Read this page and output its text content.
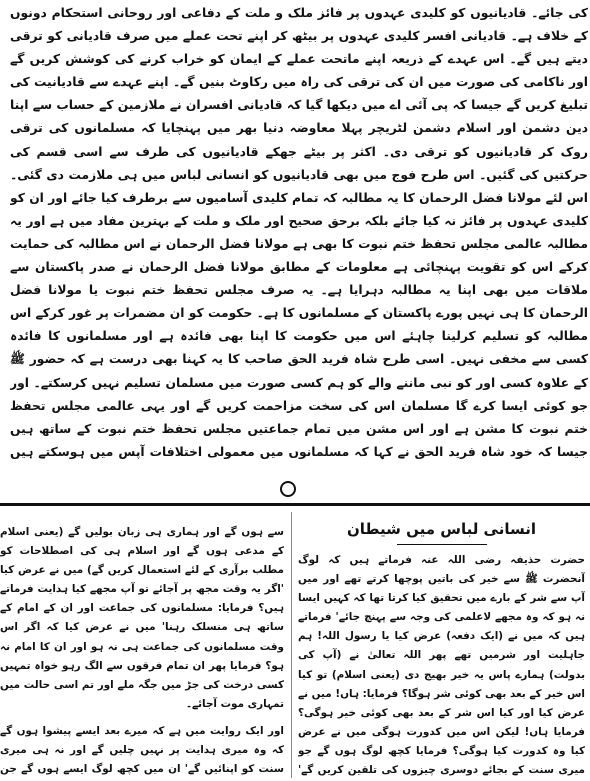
کی جائے۔ قادیانیوں کو کلیدی عہدوں پر فائز ملک و ملت کے دفاعی اور روحانی استحکام دونوں کے خلاف ہے۔ قادیانی افسر کلیدی عہدوں پر بیٹھ کر اپنے تحت عملے میں صرف قادیانی کو ترقی دیتے ہیں گے۔ اس عہدے کے ذریعہ اپنے ماتحت عملے کے ایمان کو خراب کرنے کی کوشش کریں گے اور ناکامی کی صورت میں ان کی ترقی کی راہ میں رکاوٹ بنیں گے۔ اپنے عہدے سے قادیانیت کی تبلیغ کریں گے جیسا کہ پی آئی اے میں دیکھا گیا کہ قادیانی افسران نے ملازمین کے حساب سے اپنا دین دشمن اور اسلام دشمن لٹریچر پہلا معاوضہ دنیا بھر میں پہنچایا کہ مسلمانوں کی ترقی روک کر قادیانیوں کو ترقی دی۔ اکثر پر بیٹے جھکے قادیانیوں کی طرف سے اسی قسم کی حرکتیں کی گئیں۔ اس طرح فوج میں بھی قادیانیوں کو انسانی لباس میں ہی ملازمت دی گئی۔ اس لئے مولانا فضل الرحمان کا یہ مطالبہ کہ تمام کلیدی آسامیوں سے برطرف کیا جائے اور ان کو کلیدی عہدوں پر فائز نہ کیا جائے بلکہ برحق صحیح اور ملک و ملت کے بہترین مفاد میں ہے اور یہ مطالبہ عالمی مجلس تحفظ ختم نبوت کا بھی ہے مولانا فضل الرحمان نے اس مطالبہ کی حمایت کرکے اس کو تقویت پہنچائی ہے معلومات کے مطابق مولانا فضل الرحمان نے صدر پاکستان سے ملاقات میں بھی اپنا یہ مطالبہ دہرایا ہے۔ یہ صرف مجلس تحفظ ختم نبوت یا مولانا فضل الرحمان کا ہی نہیں پورے پاکستان کے مسلمانوں کا ہے۔ حکومت کو ان مضمرات پر غور کرکے اس مطالبہ کو تسلیم کرلینا چاہئے اس میں حکومت کا اپنا بھی فائدہ ہے اور مسلمانوں کا فائدہ کسی سے مخفی نہیں۔ اسی طرح شاہ فرید الحق صاحب کا یہ کہنا بھی درست ہے کہ حضور ﷺ کے علاوہ کسی اور کو نبی ماننے والے کو ہم کسی صورت میں مسلمان تسلیم نہیں کرسکتے۔ اور جو کوئی ایسا کرے گا مسلمان اس کی سخت مزاحمت کریں گے اور یہی عالمی مجلس تحفظ ختم نبوت کا مشن ہے اور اس مشن میں تمام جماعتیں مجلس تحفظ ختم نبوت کے ساتھ ہیں جیسا کہ خود شاہ فرید الحق نے کہا کہ مسلمانوں میں معمولی اختلافات آپس میں ہوسکتے ہیں

انسانی لباس میں شیطان

حضرت حذیفہ رضی اللہ عنہ فرماتے ہیں کہ لوگ آنحضرت ﷺ سے خیر کی باتیں پوچھا کرتے تھے اور میں آپ سے شر کے بارے میں تحقیق کیا کرتا تھا کہ کہیں ایسا نہ ہو کہ وہ مجھے لاعلمی کی وجہ سے پہنچ جائے' فرماتے ہیں کہ میں نے (ایک دفعہ) عرض کیا یا رسول اللہ! ہم جاہلیت اور شرمیں تھے پھر اللہ تعالیٰ نے (آپ کی بدولت) ہمارے پاس یہ خیر بھیج دی (یعنی اسلام) تو کیا اس خیر کے بعد بھی کوئی شر ہوگا؟ فرمایا: ہاں! میں نے عرض کیا اور کیا اس شر کے بعد بھی کوئی خیر ہوگی؟ فرمایا ہاں! لیکن اس میں کدورت ہوگی میں نے عرض کیا وہ کدورت کیا ہوگی؟ فرمایا کچھ لوگ ہوں گے جو میری سنت کے بجائے دوسری چیزوں کی تلقین کریں گے'

سے ہوں گے اور ہماری ہی زبان بولیں گے (یعنی اسلام کے مدعی ہوں گے اور اسلام ہی کی اصطلاحات کو مطلب برآری کے لئے استعمال کریں گے) میں نے عرض کیا 'اگر یہ وقت مجھ پر آجائے تو آپ مجھے کیا ہدایت فرماتے ہیں؟ فرمایا: مسلمانوں کی جماعت اور ان کے امام کے ساتھ ہی منسلک رہنا' میں نے عرض کیا کہ اگر اس وقت مسلمانوں کی جماعت ہی نہ ہو اور ان کا امام نہ ہو؟ فرمایا پھر ان تمام فرقوں سے الگ رہو خواہ تمہیں کسی درخت کی جڑ میں جگہ ملے اور تم اسی حالت میں تمہاری موت آجائے۔

اور ایک روایت میں ہے کہ میرے بعد ایسے پیشوا ہوں گے کہ وہ میری ہدایت پر نہیں چلیں گے اور نہ ہی میری سنت کو اپنائیں گے' ان میں کچھ لوگ ایسے ہوں گے جن
